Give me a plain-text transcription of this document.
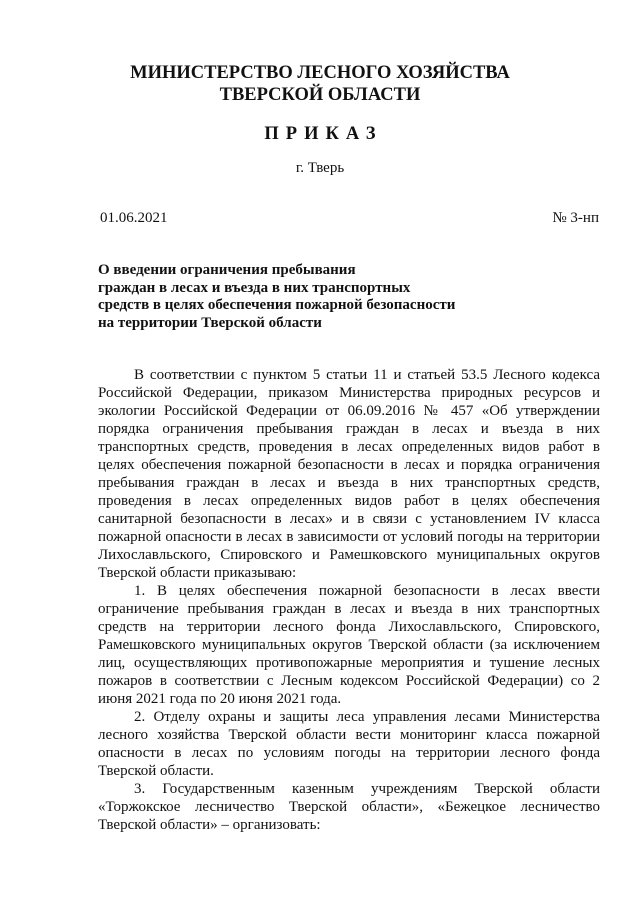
МИНИСТЕРСТВО ЛЕСНОГО ХОЗЯЙСТВА
ТВЕРСКОЙ ОБЛАСТИ
ПРИКАЗ
г. Тверь
01.06.2021	№ 3-нп
О введении ограничения пребывания
граждан в лесах и въезда в них транспортных
средств в целях обеспечения пожарной безопасности
на территории Тверской области
В соответствии с пунктом 5 статьи 11 и статьей 53.5 Лесного кодекса
Российской Федерации, приказом Министерства природных ресурсов и
экологии Российской Федерации от 06.09.2016 № 457 «Об утверждении
порядка ограничения пребывания граждан в лесах и въезда в них
транспортных средств, проведения в лесах определенных видов работ в
целях обеспечения пожарной безопасности в лесах и порядка ограничения
пребывания граждан в лесах и въезда в них транспортных средств,
проведения в лесах определенных видов работ в целях обеспечения
санитарной безопасности в лесах» и в связи с установлением IV класса
пожарной опасности в лесах в зависимости от условий погоды на территории
Лихославльского, Спировского и Рамешковского муниципальных округов
Тверской области приказываю:
1. В целях обеспечения пожарной безопасности в лесах ввести
ограничение пребывания граждан в лесах и въезда в них транспортных
средств на территории лесного фонда Лихославльского, Спировского,
Рамешковского муниципальных округов Тверской области (за исключением
лиц, осуществляющих противопожарные мероприятия и тушение лесных
пожаров в соответствии с Лесным кодексом Российской Федерации) со 2
июня 2021 года по 20 июня 2021 года.
2. Отделу охраны и защиты леса управления лесами Министерства
лесного хозяйства Тверской области вести мониторинг класса пожарной
опасности в лесах по условиям погоды на территории лесного фонда
Тверской области.
3. Государственным казенным учреждениям Тверской области
«Торжокское лесничество Тверской области», «Бежецкое лесничество
Тверской области» – организовать:
